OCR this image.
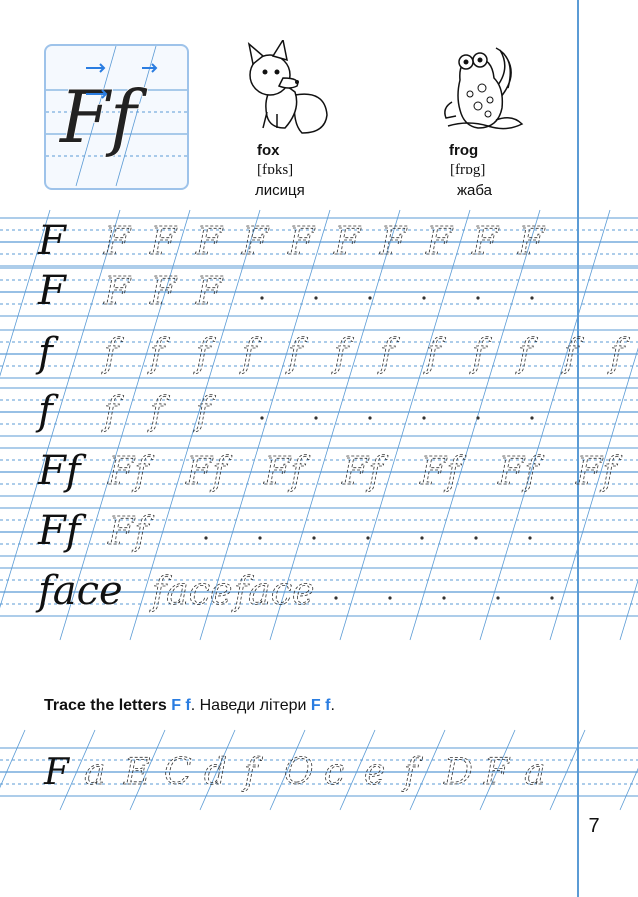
Ff	fox
[fɒks]
лисиця
frog
[frɒg]
жаба
F F F F F F F F F F F
F F F F
f f f f f f f f f f f f f
f f f f
Ff Ff Ff Ff Ff Ff Ff Ff
Ff Ff
face face face
Trace the letters F f. Наведи літери F f.
F a E C d f O c e f D F a
7
